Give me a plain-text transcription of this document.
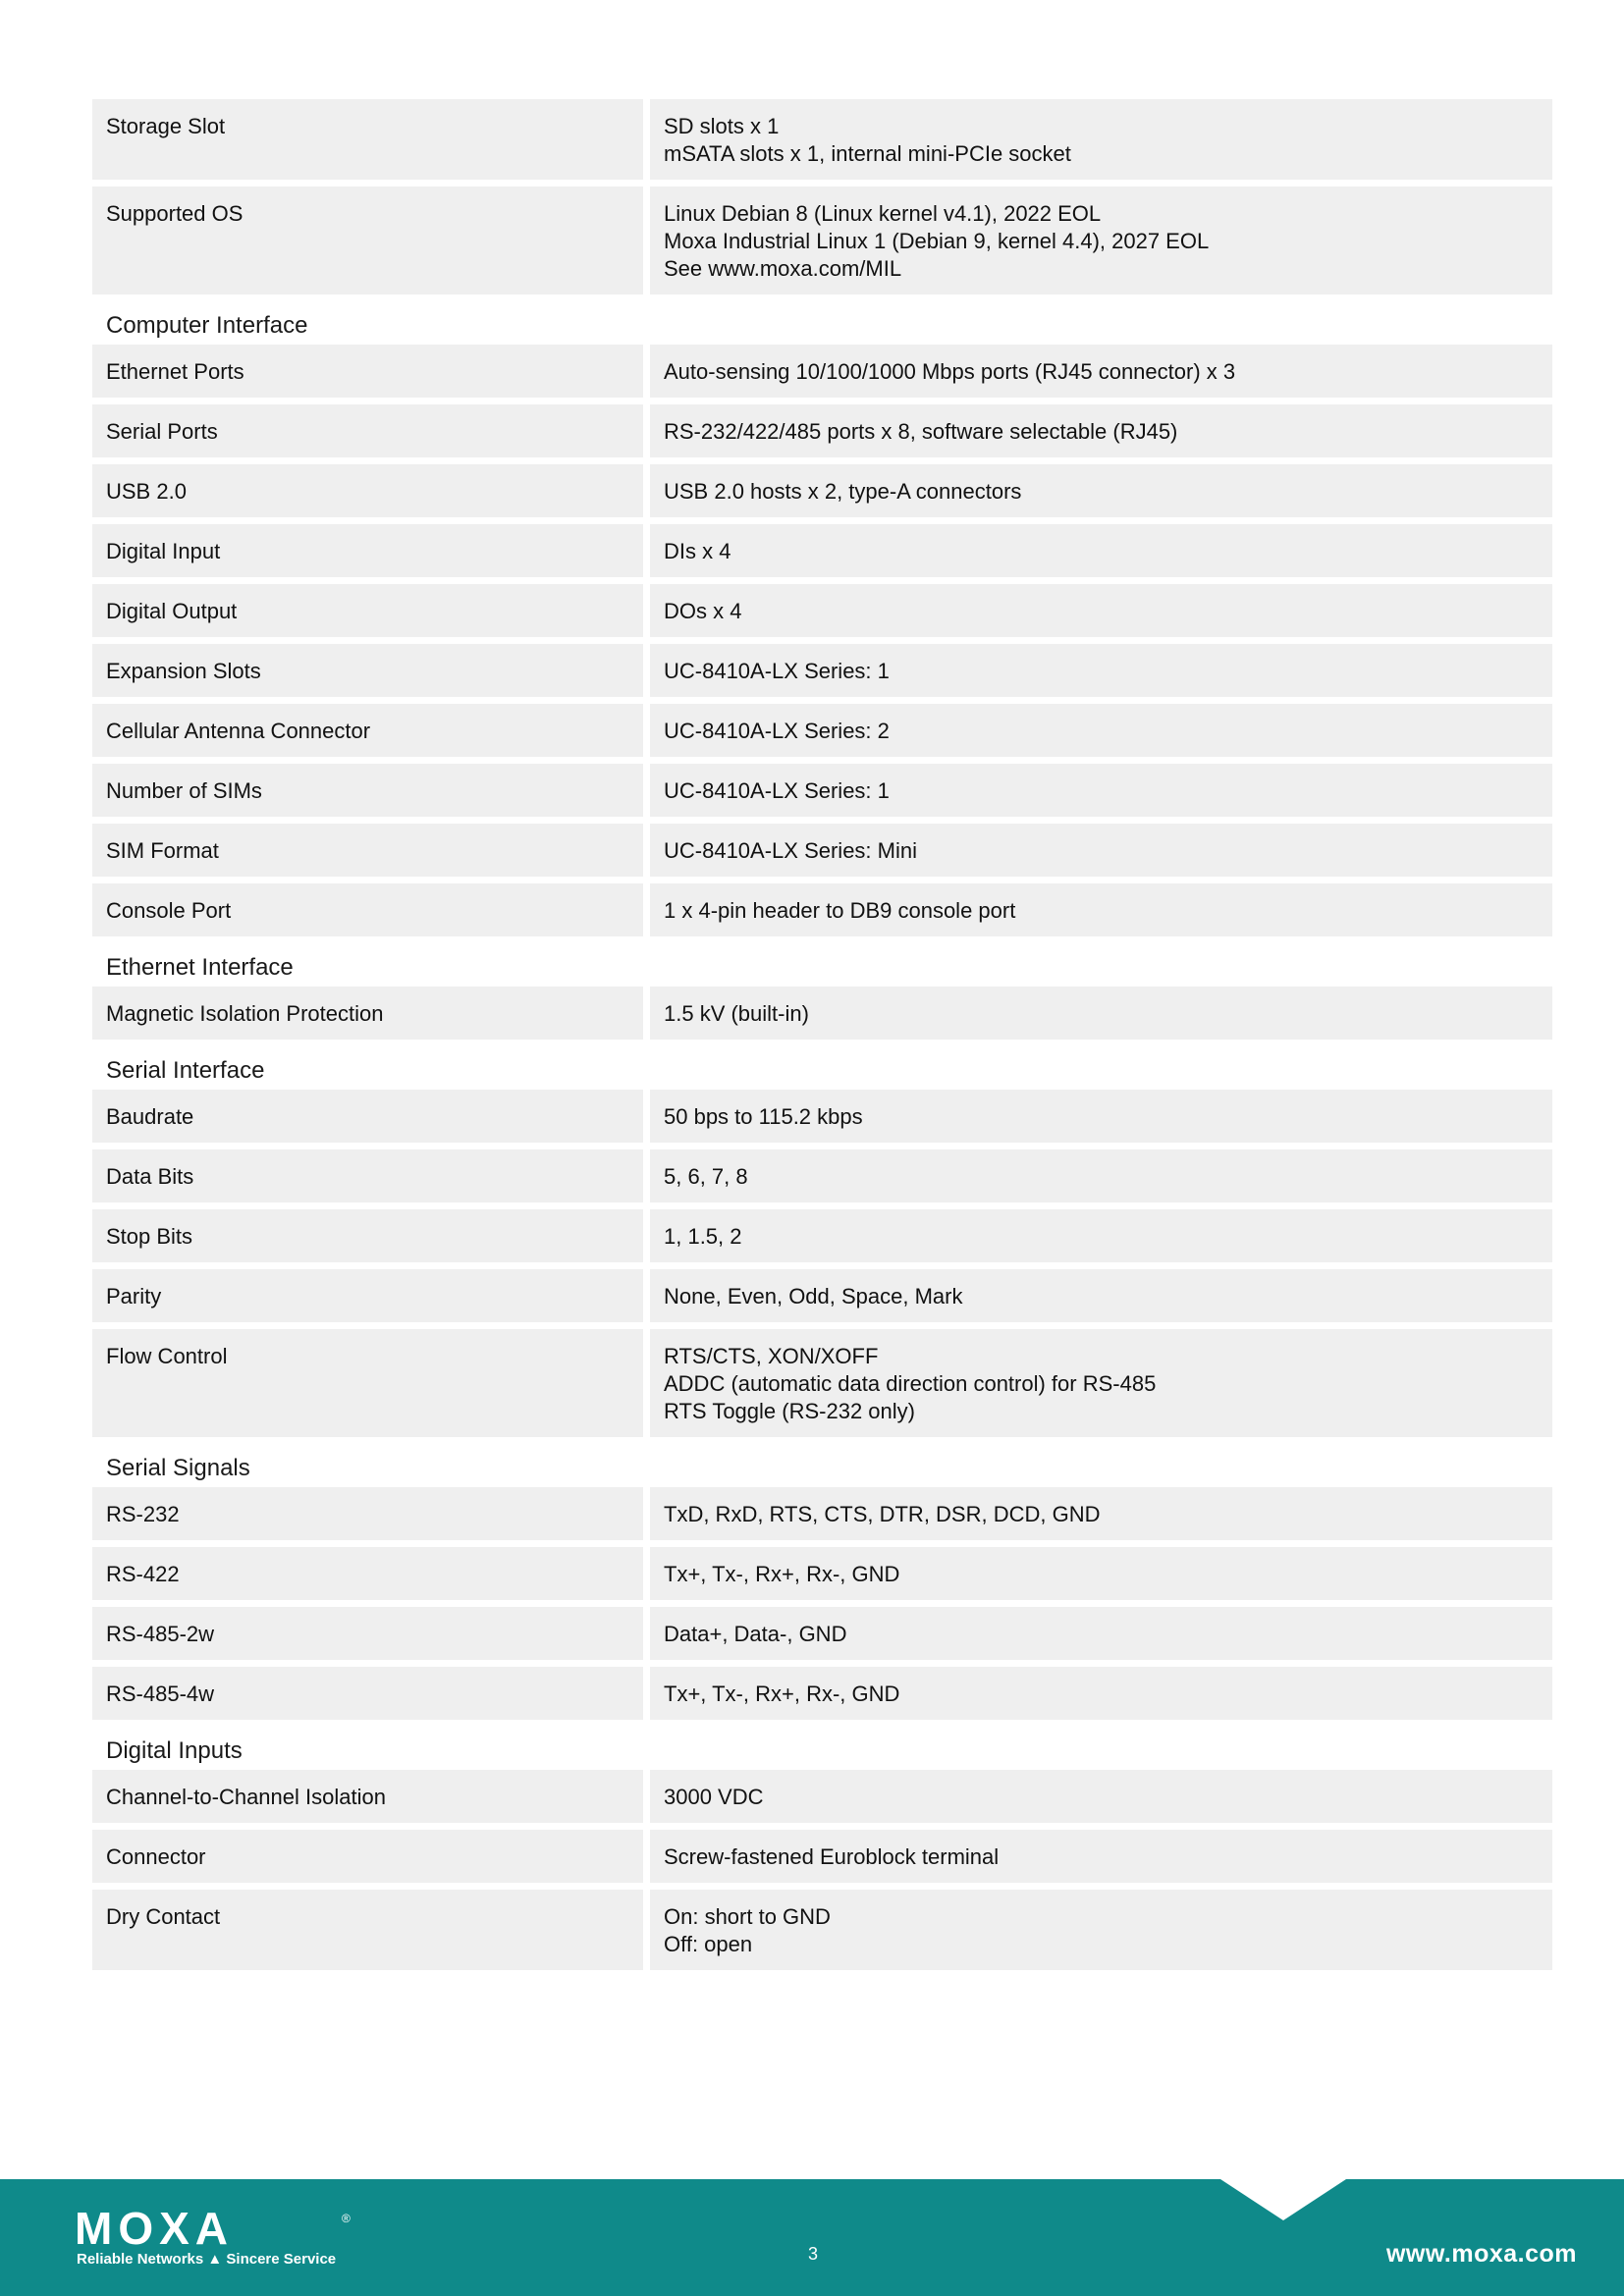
Storage Slot	SD slots x 1
mSATA slots x 1, internal mini-PCIe socket
Supported OS	Linux Debian 8 (Linux kernel v4.1), 2022 EOL
Moxa Industrial Linux 1 (Debian 9, kernel 4.4), 2027 EOL
See www.moxa.com/MIL
Computer Interface
Ethernet Ports	Auto-sensing 10/100/1000 Mbps ports (RJ45 connector) x 3
Serial Ports	RS-232/422/485 ports x 8, software selectable (RJ45)
USB 2.0	USB 2.0 hosts x 2, type-A connectors
Digital Input	DIs x 4
Digital Output	DOs x 4
Expansion Slots	UC-8410A-LX Series: 1
Cellular Antenna Connector	UC-8410A-LX Series: 2
Number of SIMs	UC-8410A-LX Series: 1
SIM Format	UC-8410A-LX Series: Mini
Console Port	1 x 4-pin header to DB9 console port
Ethernet Interface
Magnetic Isolation Protection	1.5 kV (built-in)
Serial Interface
Baudrate	50 bps to 115.2 kbps
Data Bits	5, 6, 7, 8
Stop Bits	1, 1.5, 2
Parity	None, Even, Odd, Space, Mark
Flow Control	RTS/CTS, XON/XOFF
ADDC (automatic data direction control) for RS-485
RTS Toggle (RS-232 only)
Serial Signals
RS-232	TxD, RxD, RTS, CTS, DTR, DSR, DCD, GND
RS-422	Tx+, Tx-, Rx+, Rx-, GND
RS-485-2w	Data+, Data-, GND
RS-485-4w	Tx+, Tx-, Rx+, Rx-, GND
Digital Inputs
Channel-to-Channel Isolation	3000 VDC
Connector	Screw-fastened Euroblock terminal
Dry Contact	On: short to GND
Off: open
MOXA	®
Reliable Networks ▲ Sincere Service	3	www.moxa.com
